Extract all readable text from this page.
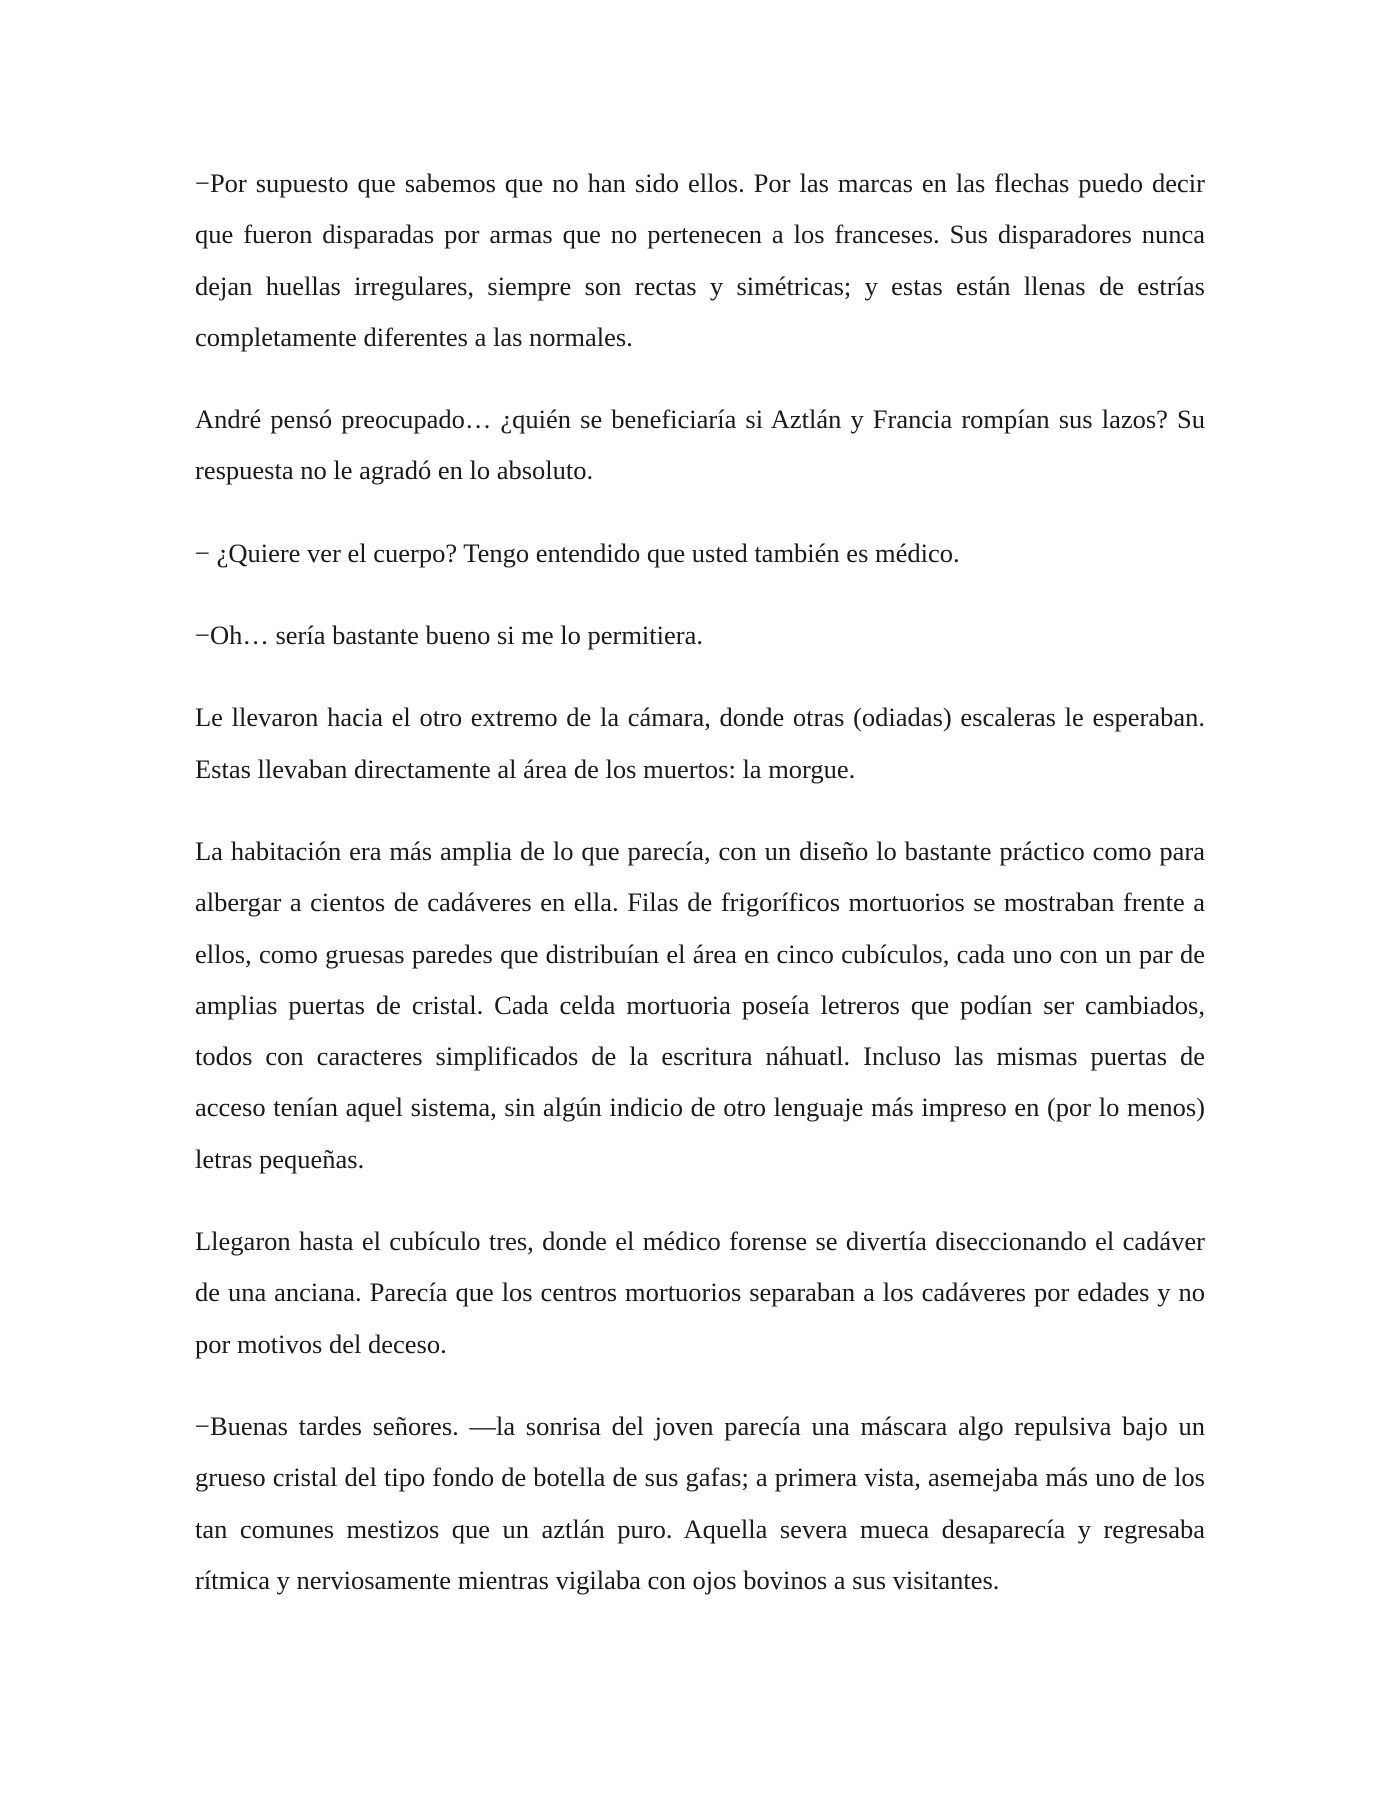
−Por supuesto que sabemos que no han sido ellos. Por las marcas en las flechas puedo decir que fueron disparadas por armas que no pertenecen a los franceses. Sus disparadores nunca dejan huellas irregulares, siempre son rectas y simétricas; y estas están llenas de estrías completamente diferentes a las normales.

André pensó preocupado… ¿quién se beneficiaría si Aztlán y Francia rompían sus lazos? Su respuesta no le agradó en lo absoluto.

− ¿Quiere ver el cuerpo? Tengo entendido que usted también es médico.

−Oh… sería bastante bueno si me lo permitiera.

Le llevaron hacia el otro extremo de la cámara, donde otras (odiadas) escaleras le esperaban. Estas llevaban directamente al área de los muertos: la morgue.

La habitación era más amplia de lo que parecía, con un diseño lo bastante práctico como para albergar a cientos de cadáveres en ella. Filas de frigoríficos mortuorios se mostraban frente a ellos, como gruesas paredes que distribuían el área en cinco cubículos, cada uno con un par de amplias puertas de cristal. Cada celda mortuoria poseía letreros que podían ser cambiados, todos con caracteres simplificados de la escritura náhuatl. Incluso las mismas puertas de acceso tenían aquel sistema, sin algún indicio de otro lenguaje más impreso en (por lo menos) letras pequeñas.

Llegaron hasta el cubículo tres, donde el médico forense se divertía diseccionando el cadáver de una anciana. Parecía que los centros mortuorios separaban a los cadáveres por edades y no por motivos del deceso.

−Buenas tardes señores. —la sonrisa del joven parecía una máscara algo repulsiva bajo un grueso cristal del tipo fondo de botella de sus gafas; a primera vista, asemejaba más uno de los tan comunes mestizos que un aztlán puro. Aquella severa mueca desaparecía y regresaba rítmica y nerviosamente mientras vigilaba con ojos bovinos a sus visitantes.
